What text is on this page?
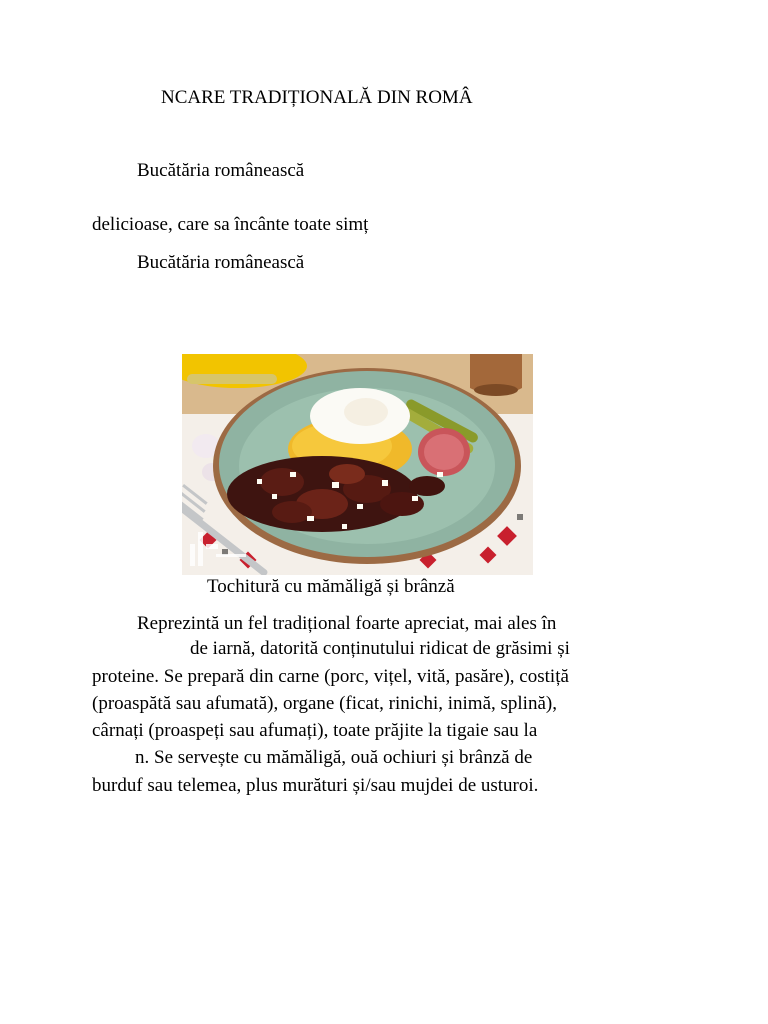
NCARE TRADIȚIONALĂ DIN ROMÂ

Bucătăria românească

delicioase, care sa încânte toate simț

Bucătăria românească

Tochitură cu mămăligă și brânză

Reprezintă un fel tradițional foarte apreciat, mai ales în

de iarnă, datorită conținutului ridicat de grăsimi și

proteine. Se prepară din carne (porc, vițel, vită, pasăre), costiță

(proaspătă sau afumată), organe (ficat, rinichi, inimă, splină),

cârnați (proaspeți sau afumați), toate prăjite la tigaie sau la

n. Se servește cu mămăligă, ouă ochiuri și brânză de

burduf sau telemea, plus murături și/sau mujdei de usturoi.
